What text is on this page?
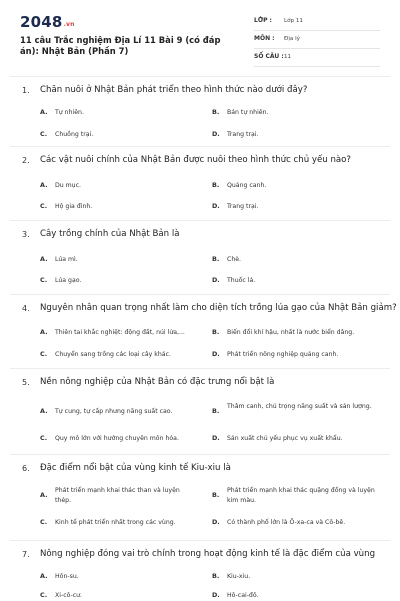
2048.vn
11 câu Trắc nghiệm Địa Lí 11 Bài 9 (có đáp án): Nhật Bản (Phần 7)
LỚP : Lớp 11
MÔN : Địa lý
SỐ CÂU : 11
1. Chăn nuôi ở Nhật Bản phát triển theo hình thức nào dưới đây?
A. Tự nhiên.	B. Bán tự nhiên.
C. Chuồng trại.	D. Trang trại.
2. Các vật nuôi chính của Nhật Bản được nuôi theo hình thức chủ yếu nào?
A. Du mục.	B. Quảng canh.
C. Hộ gia đình.	D. Trang trại.
3. Cây trồng chính của Nhật Bản là
A. Lúa mì.	B. Chè.
C. Lúa gạo.	D. Thuốc lá.
4. Nguyên nhân quan trọng nhất làm cho diện tích trồng lúa gạo của Nhật Bản giảm?
A. Thiên tai khắc nghiệt: động đất, núi lửa,...	B. Biến đổi khí hậu, nhất là nước biển dâng.
C. Chuyển sang trồng các loại cây khác.	D. Phát triển nông nghiệp quảng canh.
5. Nền nông nghiệp của Nhật Bản có đặc trưng nổi bật là
A. Tự cung, tự cấp nhưng năng suất cao.	B.
Thâm canh, chú trọng năng suất và sản lượng.
C. Quy mô lớn với hướng chuyên môn hóa.	D. Sản xuất chủ yếu phục vụ xuất khẩu.
6. Đặc điểm nổi bật của vùng kinh tế Kiu-xiu là
A.
Phát triển mạnh khai thác than và luyện thép.
B.
Phát triển mạnh khai thác quặng đồng và luyện kim màu.
C. Kinh tế phát triển nhất trong các vùng.	D. Có thành phố lớn là Ô-xa-ca và Cô-bê.
7. Nông nghiệp đóng vai trò chính trong hoạt động kinh tế là đặc điểm của vùng
A. Hôn-su.	B. Kiu-xiu.
C. Xi-cô-cư.	D. Hô-cai-đô.
